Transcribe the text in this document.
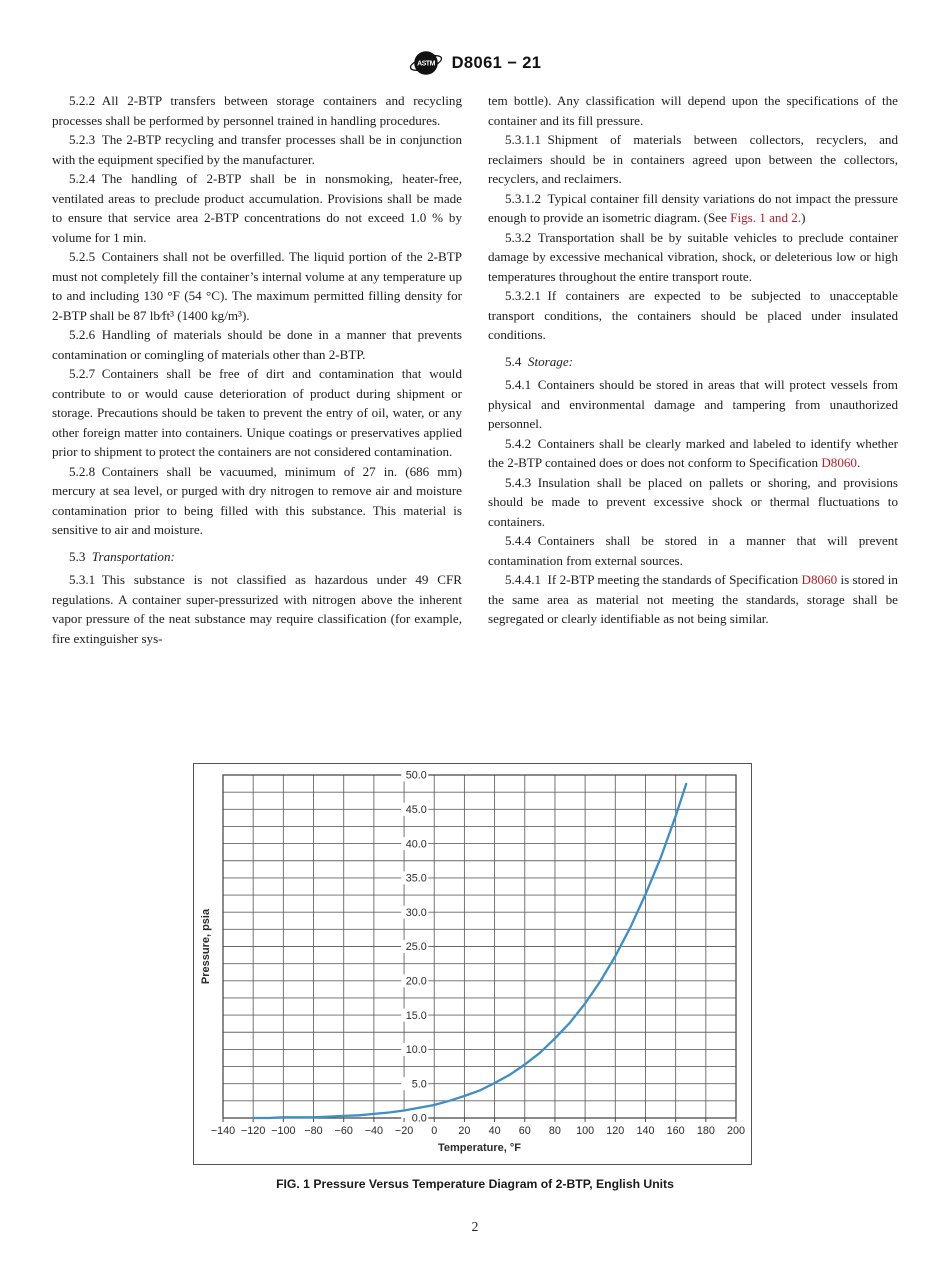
ASTM D8061 − 21

5.2.2 All 2-BTP transfers between storage containers and recycling processes shall be performed by personnel trained in handling procedures.

5.2.3 The 2-BTP recycling and transfer processes shall be in conjunction with the equipment specified by the manufacturer.

5.2.4 The handling of 2-BTP shall be in nonsmoking, heater-free, ventilated areas to preclude product accumulation. Provisions shall be made to ensure that service area 2-BTP concentrations do not exceed 1.0 % by volume for 1 min.

5.2.5 Containers shall not be overfilled. The liquid portion of the 2-BTP must not completely fill the container’s internal volume at any temperature up to and including 130 °F (54 °C). The maximum permitted filling density for 2-BTP shall be 87 lb⁄ft³ (1400 kg/m³).

5.2.6 Handling of materials should be done in a manner that prevents contamination or comingling of materials other than 2-BTP.

5.2.7 Containers shall be free of dirt and contamination that would contribute to or would cause deterioration of product during shipment or storage. Precautions should be taken to prevent the entry of oil, water, or any other foreign matter into containers. Unique coatings or preservatives applied prior to shipment to protect the containers are not considered contamination.

5.2.8 Containers shall be vacuumed, minimum of 27 in. (686 mm) mercury at sea level, or purged with dry nitrogen to remove air and moisture contamination prior to being filled with this substance. This material is sensitive to air and moisture.

5.3 Transportation:

5.3.1 This substance is not classified as hazardous under 49 CFR regulations. A container super-pressurized with nitrogen above the inherent vapor pressure of the neat substance may require classification (for example, fire extinguisher sys-

tem bottle). Any classification will depend upon the specifications of the container and its fill pressure.

5.3.1.1 Shipment of materials between collectors, recyclers, and reclaimers should be in containers agreed upon between the collectors, recyclers, and reclaimers.

5.3.1.2 Typical container fill density variations do not impact the pressure enough to provide an isometric diagram. (See Figs. 1 and 2.)

5.3.2 Transportation shall be by suitable vehicles to preclude container damage by excessive mechanical vibration, shock, or deleterious low or high temperatures throughout the entire transport route.

5.3.2.1 If containers are expected to be subjected to unacceptable transport conditions, the containers should be placed under insulated conditions.

5.4 Storage:

5.4.1 Containers should be stored in areas that will protect vessels from physical and environmental damage and tampering from unauthorized personnel.

5.4.2 Containers shall be clearly marked and labeled to identify whether the 2-BTP contained does or does not conform to Specification D8060.

5.4.3 Insulation shall be placed on pallets or shoring, and provisions should be made to prevent excessive shock or thermal fluctuations to containers.

5.4.4 Containers shall be stored in a manner that will prevent contamination from external sources.

5.4.4.1 If 2-BTP meeting the standards of Specification D8060 is stored in the same area as material not meeting the standards, storage shall be segregated or clearly identifiable as not being similar.

0.0
5.0
10.0
15.0
20.0
25.0
30.0
35.0
40.0
45.0
50.0
−140 −120 −100 −80 −60 −40 −20 0 20 40 60 80 100 120 140 160 180 200
Temperature, °F
Pressure, psia
FIG. 1 Pressure Versus Temperature Diagram of 2-BTP, English Units
2
